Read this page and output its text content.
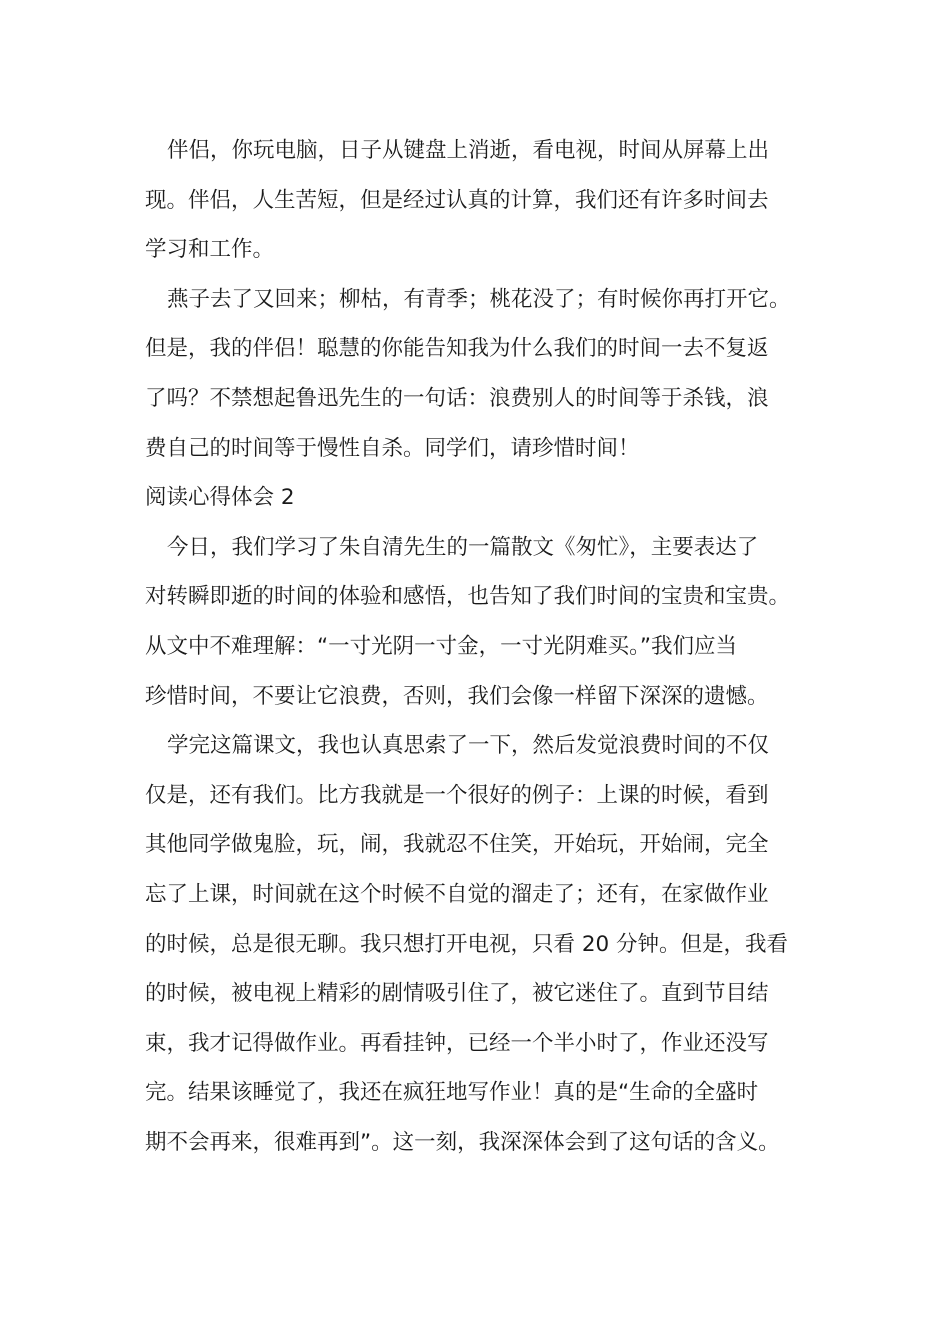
伴侣，你玩电脑，日子从键盘上消逝，看电视，时间从屏幕上出
现。伴侣，人生苦短，但是经过认真的计算，我们还有许多时间去
学习和工作。
燕子去了又回来；柳枯，有青季；桃花没了；有时候你再打开它。
但是，我的伴侣！聪慧的你能告知我为什么我们的时间一去不复返
了吗？不禁想起鲁迅先生的一句话：浪费别人的时间等于杀钱，浪
费自己的时间等于慢性自杀。同学们，请珍惜时间！
阅读心得体会 2
今日，我们学习了朱自清先生的一篇散文《匆忙》，主要表达了
对转瞬即逝的时间的体验和感悟，也告知了我们时间的宝贵和宝贵。
从文中不难理解：“一寸光阴一寸金，一寸光阴难买。”我们应当
珍惜时间，不要让它浪费，否则，我们会像一样留下深深的遗憾。
学完这篇课文，我也认真思索了一下，然后发觉浪费时间的不仅
仅是，还有我们。比方我就是一个很好的例子：上课的时候，看到
其他同学做鬼脸，玩，闹，我就忍不住笑，开始玩，开始闹，完全
忘了上课，时间就在这个时候不自觉的溜走了；还有，在家做作业
的时候，总是很无聊。我只想打开电视，只看 20 分钟。但是，我看
的时候，被电视上精彩的剧情吸引住了，被它迷住了。直到节目结
束，我才记得做作业。再看挂钟，已经一个半小时了，作业还没写
完。结果该睡觉了，我还在疯狂地写作业！真的是“生命的全盛时
期不会再来，很难再到”。这一刻，我深深体会到了这句话的含义。
